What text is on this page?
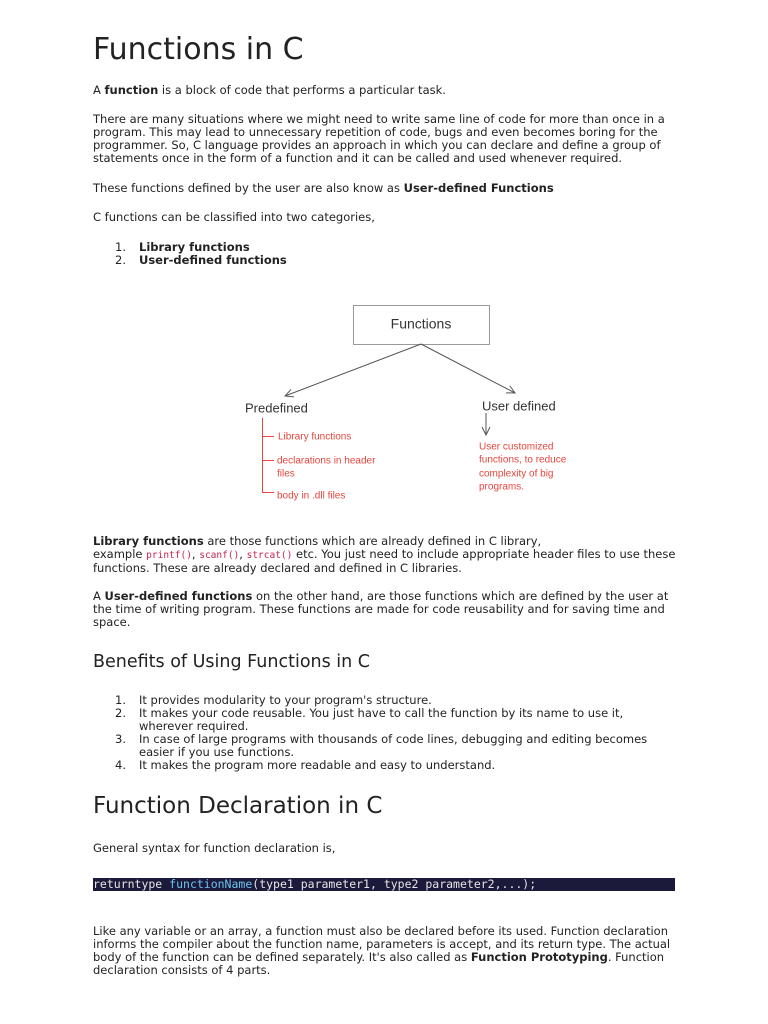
Functions in C

A function is a block of code that performs a particular task.

There are many situations where we might need to write same line of code for more than once in a program. This may lead to unnecessary repetition of code, bugs and even becomes boring for the programmer. So, C language provides an approach in which you can declare and define a group of statements once in the form of a function and it can be called and used whenever required.

These functions defined by the user are also know as User-defined Functions

C functions can be classified into two categories,

1. Library functions
2. User-defined functions
Functions
Predefined	User defined
Library functions
declarations in header
files
body in .dll files
User customized
functions, to reduce
complexity of big
programs.

Library functions are those functions which are already defined in C library,
example printf(), scanf(), strcat() etc. You just need to include appropriate header files to use these functions. These are already declared and defined in C libraries.

A User-defined functions on the other hand, are those functions which are defined by the user at the time of writing program. These functions are made for code reusability and for saving time and space.

Benefits of Using Functions in C
1. It provides modularity to your program's structure.
2. It makes your code reusable. You just have to call the function by its name to use it, wherever required.
3. In case of large programs with thousands of code lines, debugging and editing becomes easier if you use functions.
4. It makes the program more readable and easy to understand.
Function Declaration in C

General syntax for function declaration is,

returntype functionName(type1 parameter1, type2 parameter2,...);

Like any variable or an array, a function must also be declared before its used. Function declaration informs the compiler about the function name, parameters is accept, and its return type. The actual body of the function can be defined separately. It's also called as Function Prototyping. Function declaration consists of 4 parts.
